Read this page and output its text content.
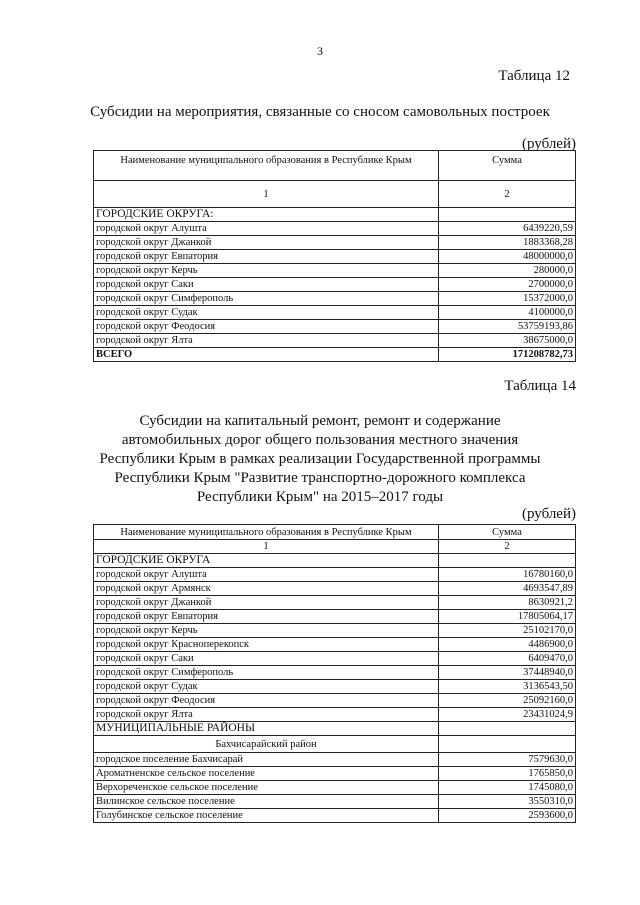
3
Таблица 12
Субсидии на мероприятия, связанные со сносом самовольных построек
(рублей)
Наименование муниципального образования в Республике Крым	Сумма
1	2
ГОРОДСКИЕ ОКРУГА:	
городской округ Алушта	6439220,59
городской округ Джанкой	1883368,28
городской округ Евпатория	48000000,0
городской округ Керчь	280000,0
городской округ Саки	2700000,0
городской округ Симферополь	15372000,0
городской округ Судак	4100000,0
городской округ Феодосия	53759193,86
городской округ Ялта	38675000,0
ВСЕГО	171208782,73
Таблица 14
Субсидии на капитальный ремонт, ремонт и содержание
автомобильных дорог общего пользования местного значения
Республики Крым в рамках реализации Государственной программы
Республики Крым "Развитие транспортно-дорожного комплекса
Республики Крым" на 2015–2017 годы
(рублей)
Наименование муниципального образования в Республике Крым	Сумма
1	2
ГОРОДСКИЕ ОКРУГА	
городской округ Алушта	16780160,0
городской округ Армянск	4693547,89
городской округ Джанкой	8630921,2
городской округ Евпатория	17805064,17
городской округ Керчь	25102170,0
городской округ Красноперекопск	4486900,0
городской округ Саки	6409470,0
городской округ Симферополь	37448940,0
городской округ Судак	3136543,50
городской округ Феодосия	25092160,0
городской округ Ялта	23431024,9
МУНИЦИПАЛЬНЫЕ РАЙОНЫ	
Бахчисарайский район	
городское поселение Бахчисарай	7579630,0
Ароматненское сельское поселение	1765850,0
Верхореченское сельское поселение	1745080,0
Вилинское сельское поселение	3550310,0
Голубинское сельское поселение	2593600,0
